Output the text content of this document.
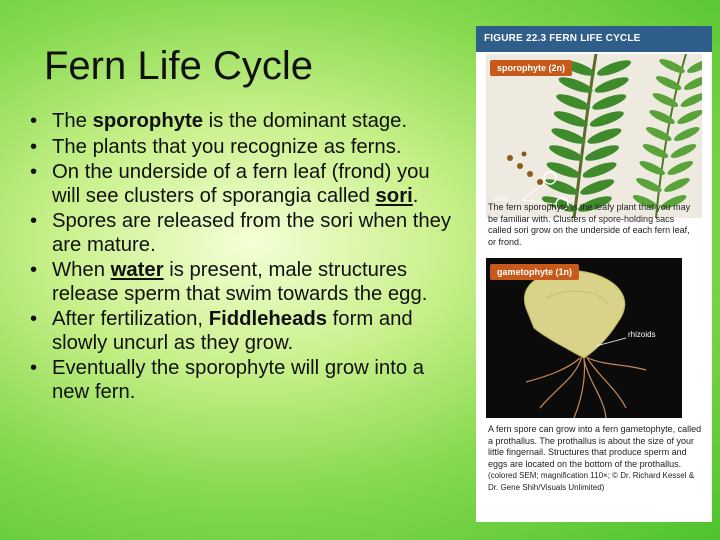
Fern Life Cycle
• The sporophyte is the dominant stage.
• The plants that you recognize as ferns.
• On the underside of a fern leaf (frond) you will see clusters of sporangia called sori.
• Spores are released from the sori when they are mature.
• When water is present, male structures release sperm that swim towards the egg.
• After fertilization, Fiddleheads form and slowly uncurl as they grow.
• Eventually the sporophyte will grow into a new fern.
FIGURE 22.3 FERN LIFE CYCLE
sporophyte (2n)
sori
The fern sporophyte is the leafy plant that you may be familiar with. Clusters of spore-holding sacs called sori grow on the underside of each fern leaf, or frond.
gametophyte (1n)
rhizoids
A fern spore can grow into a fern gametophyte, called a prothallus. The prothallus is about the size of your little fingernail. Structures that produce sperm and eggs are located on the bottom of the prothallus. (colored SEM; magnification 110×; © Dr. Richard Kessel & Dr. Gene Shih/Visuals Unlimited)
